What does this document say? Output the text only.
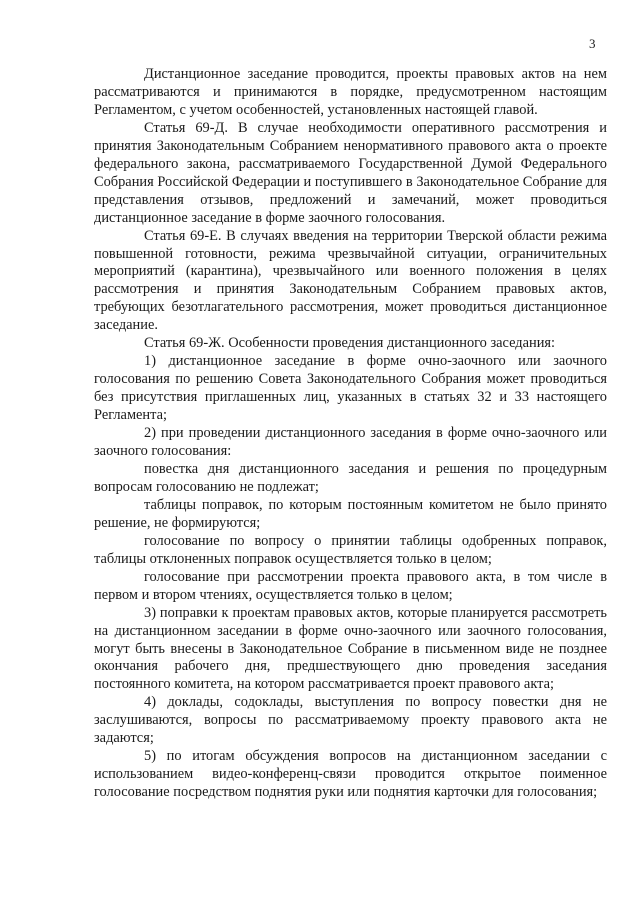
3

Дистанционное заседание проводится, проекты правовых актов на нем рассматриваются и принимаются в порядке, предусмотренном настоящим Регламентом, с учетом особенностей, установленных настоящей главой.

Статья 69-Д. В случае необходимости оперативного рассмотрения и принятия Законодательным Собранием ненормативного правового акта о проекте федерального закона, рассматриваемого Государственной Думой Федерального Собрания Российской Федерации и поступившего в Законодательное Собрание для представления отзывов, предложений и замечаний, может проводиться дистанционное заседание в форме заочного голосования.

Статья 69-Е. В случаях введения на территории Тверской области режима повышенной готовности, режима чрезвычайной ситуации, ограничительных мероприятий (карантина), чрезвычайного или военного положения в целях рассмотрения и принятия Законодательным Собранием правовых актов, требующих безотлагательного рассмотрения, может проводиться дистанционное заседание.

Статья 69-Ж. Особенности проведения дистанционного заседания:

1) дистанционное заседание в форме очно-заочного или заочного голосования по решению Совета Законодательного Собрания может проводиться без присутствия приглашенных лиц, указанных в статьях 32 и 33 настоящего Регламента;

2) при проведении дистанционного заседания в форме очно-заочного или заочного голосования:

повестка дня дистанционного заседания и решения по процедурным вопросам голосованию не подлежат;

таблицы поправок, по которым постоянным комитетом не было принято решение, не формируются;

голосование по вопросу о принятии таблицы одобренных поправок, таблицы отклоненных поправок осуществляется только в целом;

голосование при рассмотрении проекта правового акта, в том числе в первом и втором чтениях, осуществляется только в целом;

3) поправки к проектам правовых актов, которые планируется рассмотреть на дистанционном заседании в форме очно-заочного или заочного голосования, могут быть внесены в Законодательное Собрание в письменном виде не позднее окончания рабочего дня, предшествующего дню проведения заседания постоянного комитета, на котором рассматривается проект правового акта;

4) доклады, содоклады, выступления по вопросу повестки дня не заслушиваются, вопросы по рассматриваемому проекту правового акта не задаются;

5) по итогам обсуждения вопросов на дистанционном заседании с использованием видео-конференц-связи проводится открытое поименное голосование посредством поднятия руки или поднятия карточки для голосования;
